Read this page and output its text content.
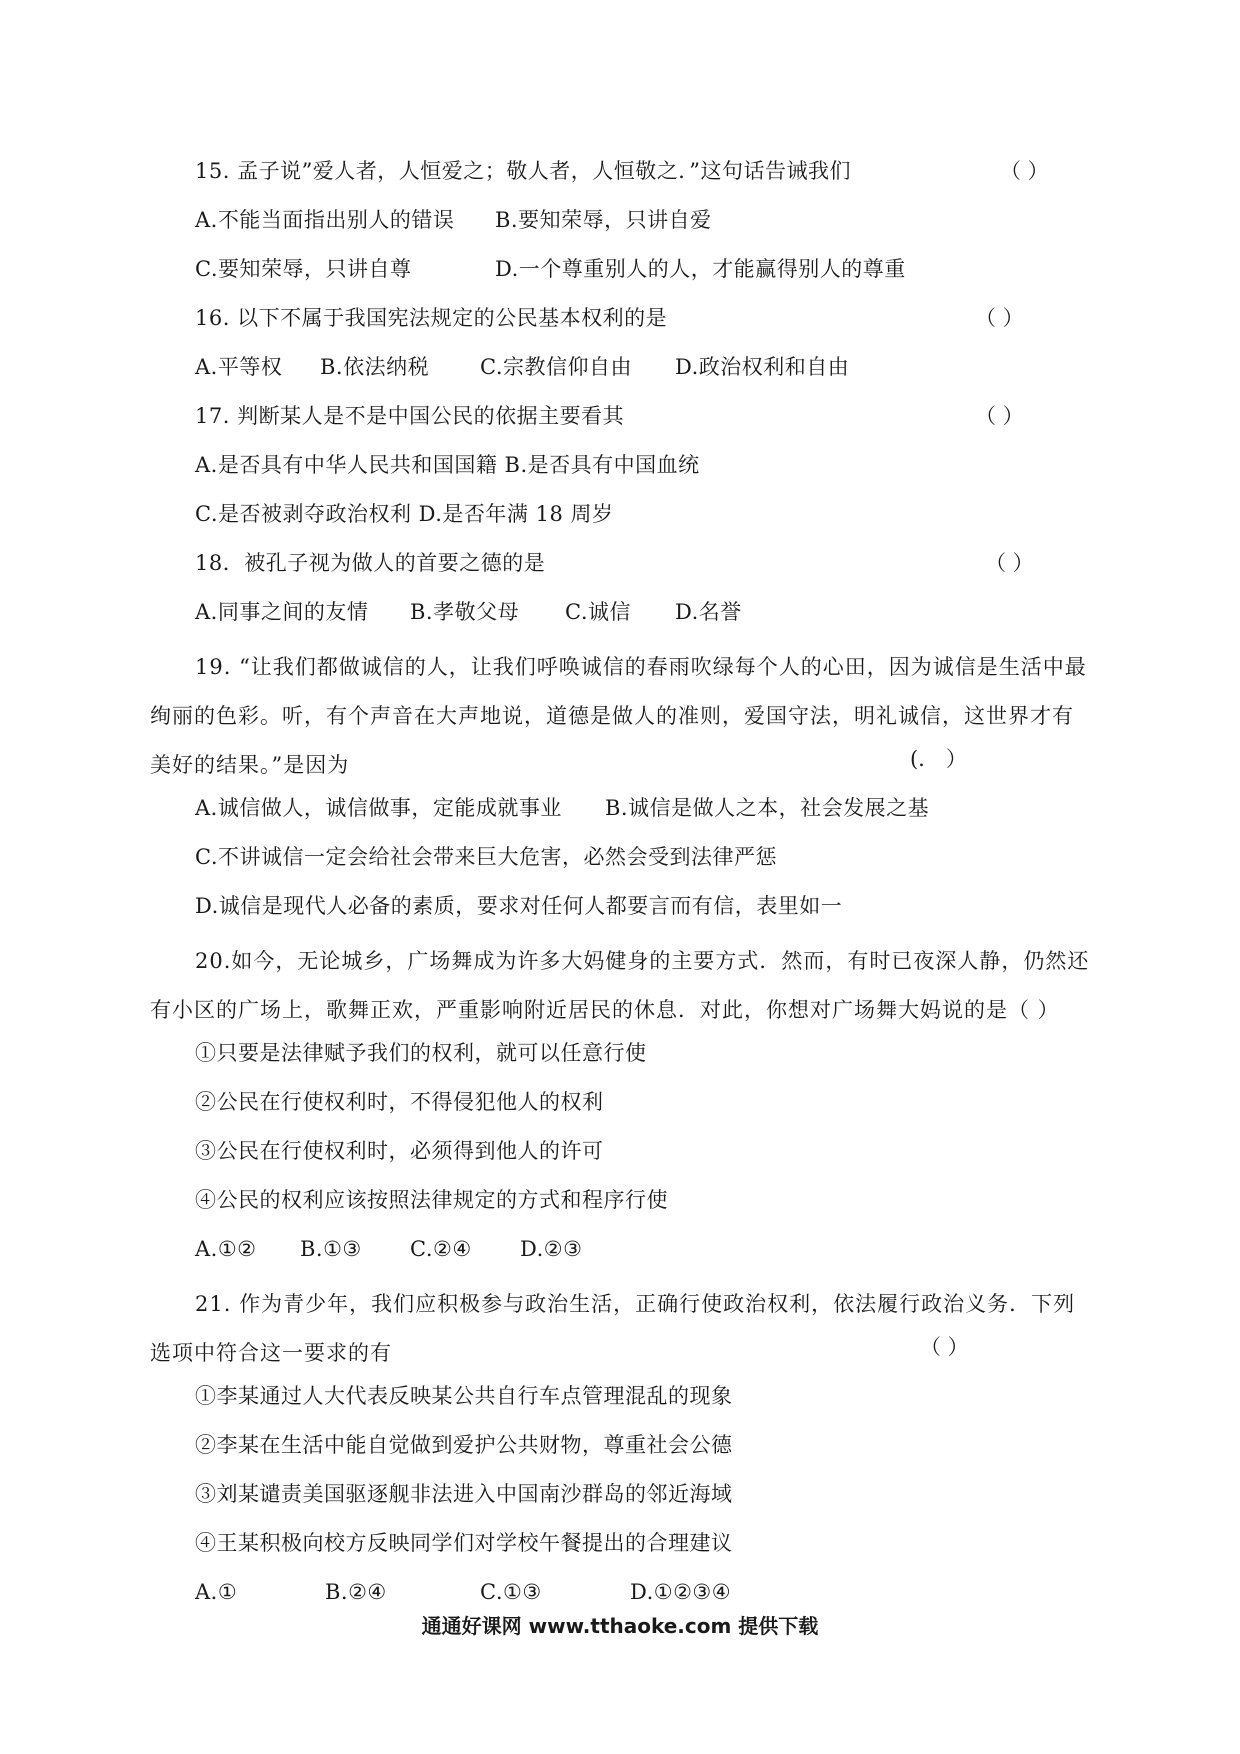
15. 孟子说”爱人者，人恒爱之；敬人者，人恒敬之．”这句话告诫我们	（ ）
A.不能当面指出别人的错误 B.要知荣辱，只讲自爱
C.要知荣辱，只讲自尊	D.一个尊重别人的人，才能赢得别人的尊重
16. 以下不属于我国宪法规定的公民基本权利的是	（ ）
A.平等权 B.依法纳税 C.宗教信仰自由 D.政治权利和自由
17. 判断某人是不是中国公民的依据主要看其	（ ）
A.是否具有中华人民共和国国籍 B.是否具有中国血统
C.是否被剥夺政治权利 D.是否年满 18 周岁
18．被孔子视为做人的首要之德的是	（ ）
A.同事之间的友情 B.孝敬父母 C.诚信 D.名誉
19. “让我们都做诚信的人，让我们呼唤诚信的春雨吹绿每个人的心田，因为诚信是生活中最绚丽的色彩。听，有个声音在大声地说，道德是做人的准则，爱国守法，明礼诚信，这世界才有美好的结果。”是因为	(． ）
A.诚信做人，诚信做事，定能成就事业 B.诚信是做人之本，社会发展之基
C.不讲诚信一定会给社会带来巨大危害，必然会受到法律严惩
D.诚信是现代人必备的素质，要求对任何人都要言而有信，表里如一
20.如今，无论城乡，广场舞成为许多大妈健身的主要方式．然而，有时已夜深人静，仍然还有小区的广场上，歌舞正欢，严重影响附近居民的休息．对此，你想对广场舞大妈说的是（ ）
①只要是法律赋予我们的权利，就可以任意行使
②公民在行使权利时，不得侵犯他人的权利
③公民在行使权利时，必须得到他人的许可
④公民的权利应该按照法律规定的方式和程序行使
A.①② B.①③ C.②④ D.②③
21. 作为青少年，我们应积极参与政治生活，正确行使政治权利，依法履行政治义务．下列选项中符合这一要求的有	（ ）
①李某通过人大代表反映某公共自行车点管理混乱的现象
②李某在生活中能自觉做到爱护公共财物，尊重社会公德
③刘某谴责美国驱逐舰非法进入中国南沙群岛的邻近海域
④王某积极向校方反映同学们对学校午餐提出的合理建议
A.①	B.②④	C.①③	D.①②③④
通通好课网 www.tthaoke.com 提供下载
